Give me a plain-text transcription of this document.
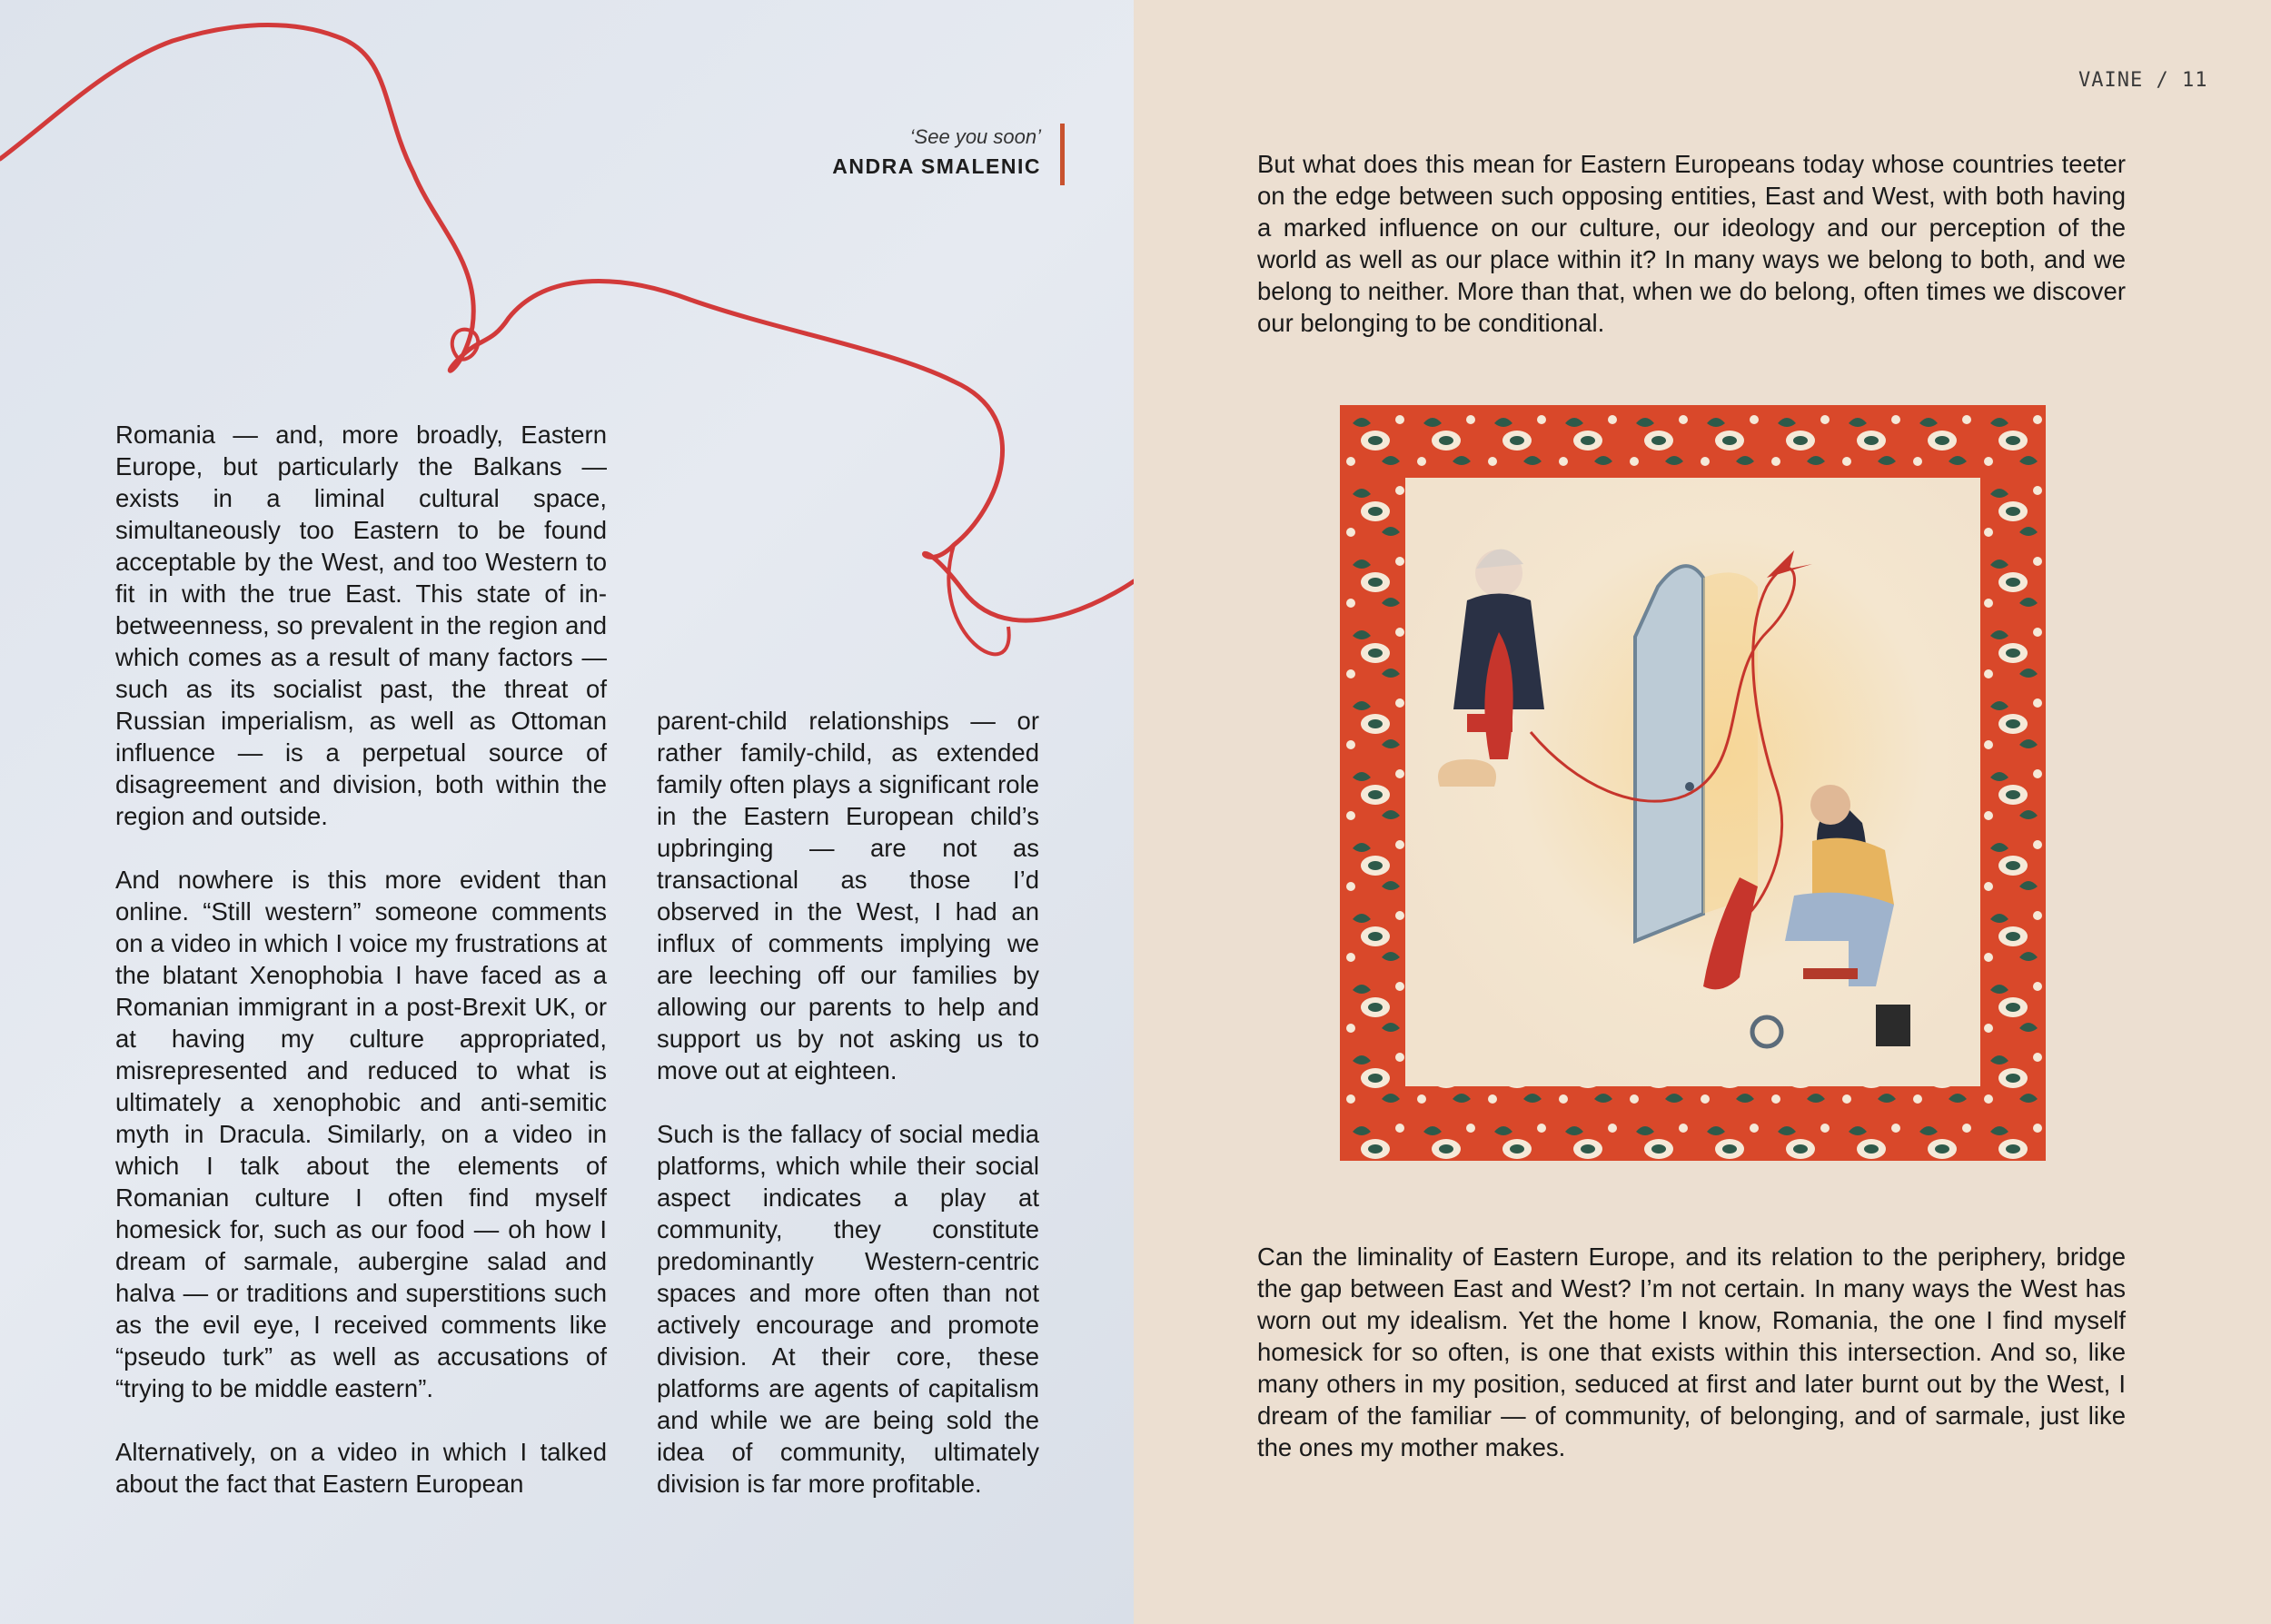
‘See you soon’
ANDRA SMALENIC

Romania — and, more broadly, Eastern Europe, but particularly the Balkans — exists in a liminal cultural space, simultaneously too Eastern to be found acceptable by the West, and too Western to fit in with the true East. This state of in-betweenness, so prevalent in the region and which comes as a result of many factors — such as its socialist past, the threat of Russian imperialism, as well as Ottoman influence — is a perpetual source of disagreement and division, both within the region and outside.

And nowhere is this more evident than online. “Still western” someone comments on a video in which I voice my frustrations at the blatant Xenophobia I have faced as a Romanian immigrant in a post-Brexit UK, or at having my culture appropriated, misrepresented and reduced to what is ultimately a xenophobic and anti-semitic myth in Dracula. Similarly, on a video in which I talk about the elements of Romanian culture I often find myself homesick for, such as our food — oh how I dream of sarmale, aubergine salad and halva — or traditions and superstitions such as the evil eye, I received comments like “pseudo turk” as well as accusations of “trying to be middle eastern”.

Alternatively, on a video in which I talked about the fact that Eastern European

parent-child relationships — or rather family-child, as extended family often plays a significant role in the Eastern European child’s upbringing — are not as transactional as those I’d observed in the West, I had an influx of comments implying we are leeching off our families by allowing our parents to help and support us by not asking us to move out at eighteen.

Such is the fallacy of social media platforms, which while their social aspect indicates a play at community, they constitute predominantly Western-centric spaces and more often than not actively encourage and promote division. At their core, these platforms are agents of capitalism and while we are being sold the idea of community, ultimately division is far more profitable.

VAINE / 11

But what does this mean for Eastern Europeans today whose countries teeter on the edge between such opposing entities, East and West, with both having a marked influence on our culture, our ideology and our perception of the world as well as our place within it? In many ways we belong to both, and we belong to neither. More than that, when we do belong, often times we discover our belonging to be conditional.

Can the liminality of Eastern Europe, and its relation to the periphery, bridge the gap between East and West? I’m not certain. In many ways the West has worn out my idealism. Yet the home I know, Romania, the one I find myself homesick for so often, is one that exists within this intersection. And so, like many others in my position, seduced at first and later burnt out by the West, I dream of the familiar — of community, of belonging, and of sarmale, just like the ones my mother makes.
